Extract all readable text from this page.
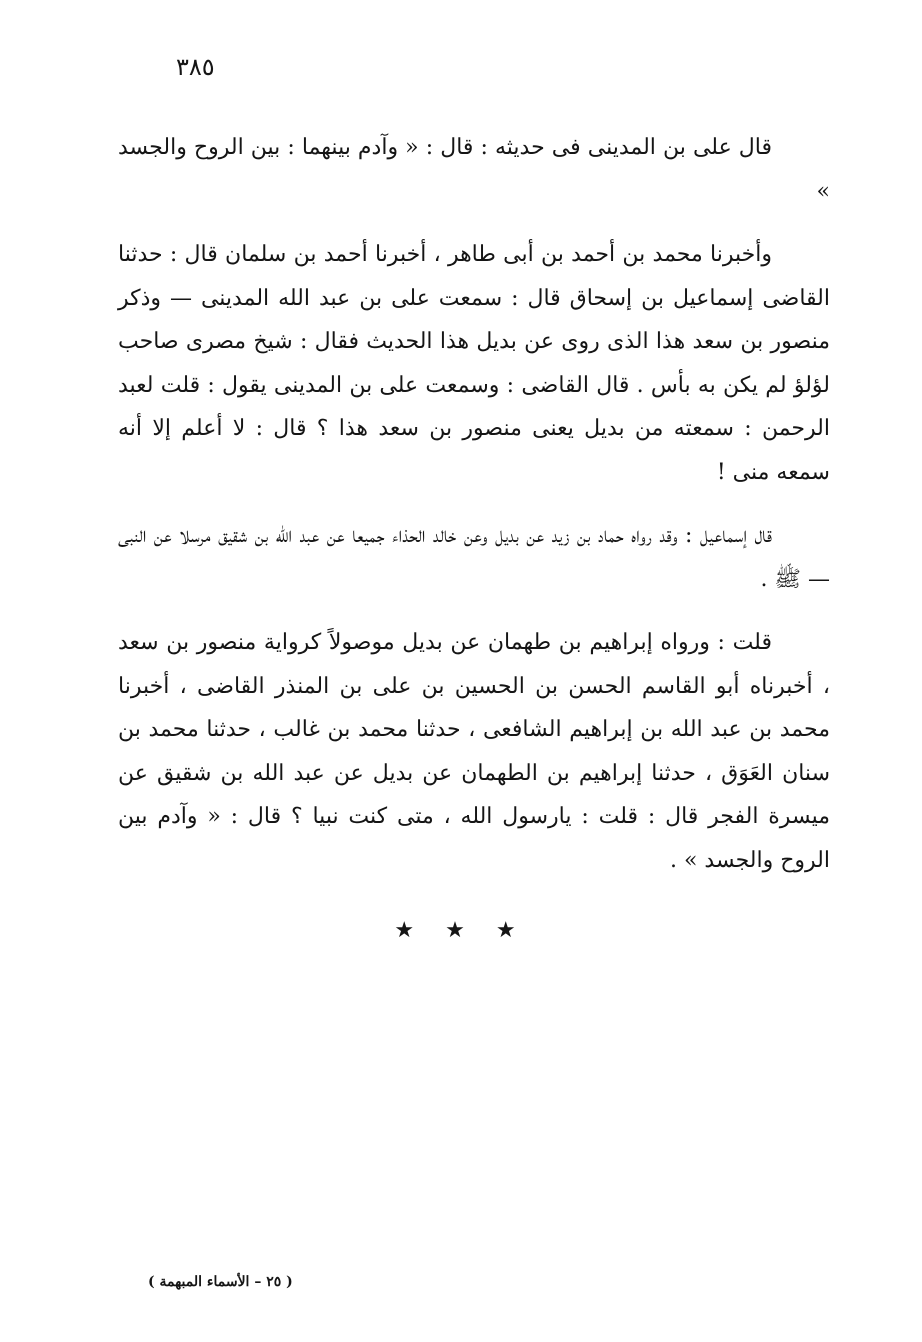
٣٨٥

قال على بن المدينى فى حديثه : قال : « وآدم بينهما : بين الروح والجسد »

وأخبرنا محمد بن أحمد بن أبى طاهر ، أخبرنا أحمد بن سلمان قال : حدثنا القاضى إسماعيل بن إسحاق قال : سمعت على بن عبد الله المدينى — وذكر منصور بن سعد هذا الذى روى عن بديل هذا الحديث فقال : شيخ مصرى صاحب لؤلؤ لم يكن به بأس . قال القاضى : وسمعت على بن المدينى يقول : قلت لعبد الرحمن : سمعته من بديل يعنى منصور بن سعد هذا ؟ قال : لا أعلم إلا أنه سمعه منى !

قال إسماعيل : وقد رواه حماد بن زيد عن بديل وعن خالد الحذاء جميعا عن عبد الله بن شقيق مرسلا عن النبى — ﷺ .

قلت : ورواه إبراهيم بن طهمان عن بديل موصولاً كرواية منصور بن سعد ، أخبرناه أبو القاسم الحسن بن الحسين بن على بن المنذر القاضى ، أخبرنا محمد بن عبد الله بن إبراهيم الشافعى ، حدثنا محمد بن غالب ، حدثنا محمد بن سنان العَوَق ، حدثنا إبراهيم بن الطهمان عن بديل عن عبد الله بن شقيق عن ميسرة الفجر قال : قلت : يارسول الله ، متى كنت نبيا ؟ قال : « وآدم بين الروح والجسد » .

★ ★ ★
( ٢٥ – الأسماء المبهمة )
